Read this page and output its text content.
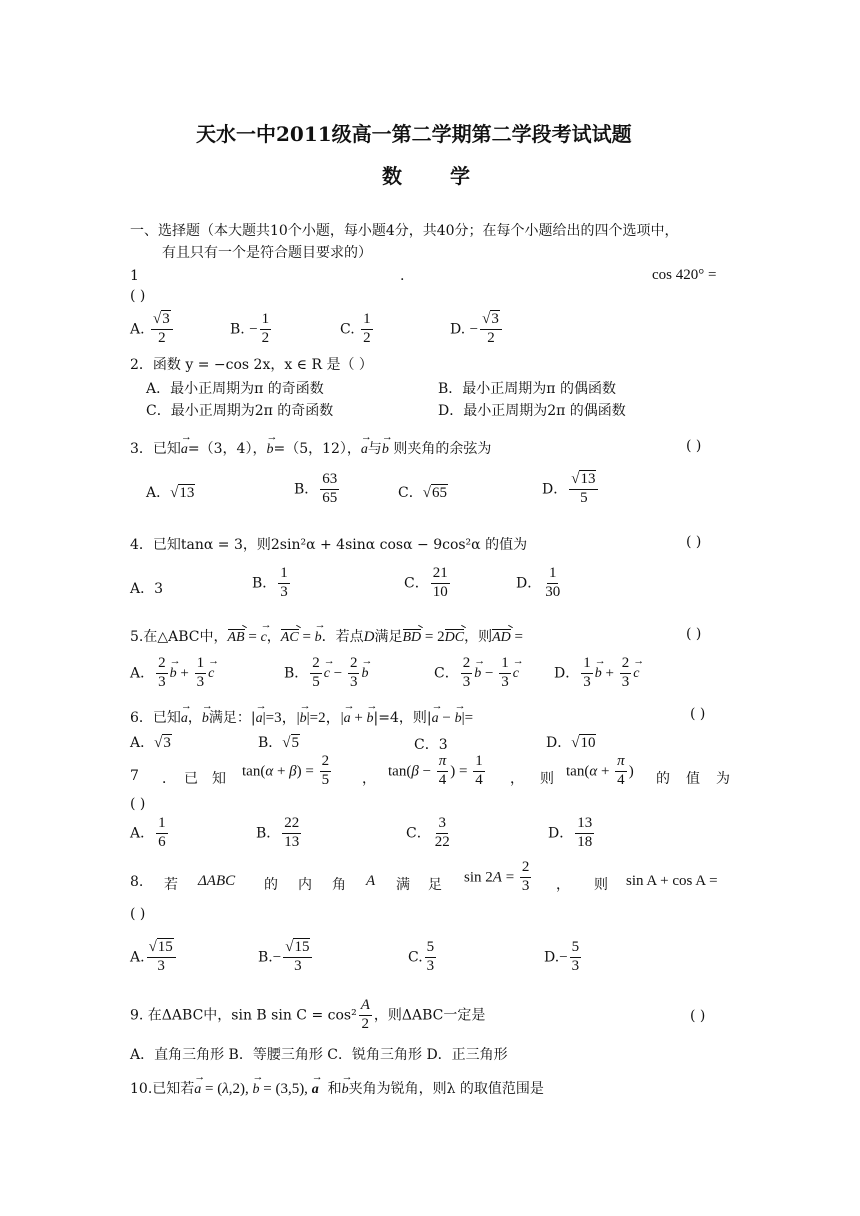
天水一中2011级高一第二学期第二学段考试试题
数学
一、选择题（本大题共10个小题，每小题4分，共40分；在每个小题给出的四个选项中，
有且只有一个是符合题目要求的）
1	.	cos 420° =
( )
A. $\frac{√3}{2}$	B. − $\frac{1}{2}$	C. $\frac{1}{2}$	D. − $\frac{√3}{2}$
2．函数 y = −cos 2x，x ∈ R 是（ ）
A．最小正周期为π 的奇函数	B．最小正周期为π 的偶函数
C．最小正周期为2π 的奇函数	D．最小正周期为2π 的偶函数
3．已知→ a=（3，4），→ b=（5，12），→ a与→ b 则夹角的余弦为	( )
A．√13	B． $\frac{63}{65}$	C．√65	D． $\frac{√13}{5}$
4．已知tanα = 3，则2sin²α + 4sinα cosα − 9cos²α 的值为	( )
A．3	B． $\frac{1}{3}$	C． $\frac{21}{10}$	D． $\frac{1}{30}$
5.在△ABC中，AB = → c，AC = → b．若点D满足BD = 2DC，则AD =	( )
A． $\frac{2}{3}$
→ $b + \frac{1}{3}$
→ c	B． $\frac{2}{5}$
→ $c - \frac{2}{3}$
→ b	C． $\frac{2}{3}$
→ $b - \frac{1}{3}$
→ c	D． $\frac{1}{3}$
→ $b + \frac{2}{3}$
→ c
6．已知→ a，→ b满足：|→ a|=3，|→ b|=2，|→ a + → b|=4，则|→ a − → b|=	( )
A．√3	B．√5	C．3	D．√10
7 ． 已 知 $\tan(\alpha + \beta) = \frac{2}{5}$ ， $\tan(\beta - \frac{\pi}{4}$ ) = $\frac{1}{4}$ ， 则 $\tan(\alpha + \frac{\pi}{4}$ ) 的 值 为
( )
A． $\frac{1}{6}$	B． $\frac{22}{13}$	C． $\frac{3}{22}$	D． $\frac{13}{18}$
8. 若 ΔABC 的 内 角 A 满 足 $\sin 2A = \frac{2}{3}$ ， 则 sin A + cos A =
( )
A. $\frac{√15}{3}$	$B.- \frac{√15}{3}$	C. $\frac{5}{3}$	$D.- \frac{5}{3}$
9. 在ΔABC中，sin B $\sin C = \cos^2 \frac{A}{2}$ ，则ΔABC一定是	( )
A．直角三角形 B．等腰三角形 C．锐角三角形 D．正三角形
10.已知若→ a = (λ,2), → b = (3,5), → a 和→ b夹角为锐角，则λ 的取值范围是
